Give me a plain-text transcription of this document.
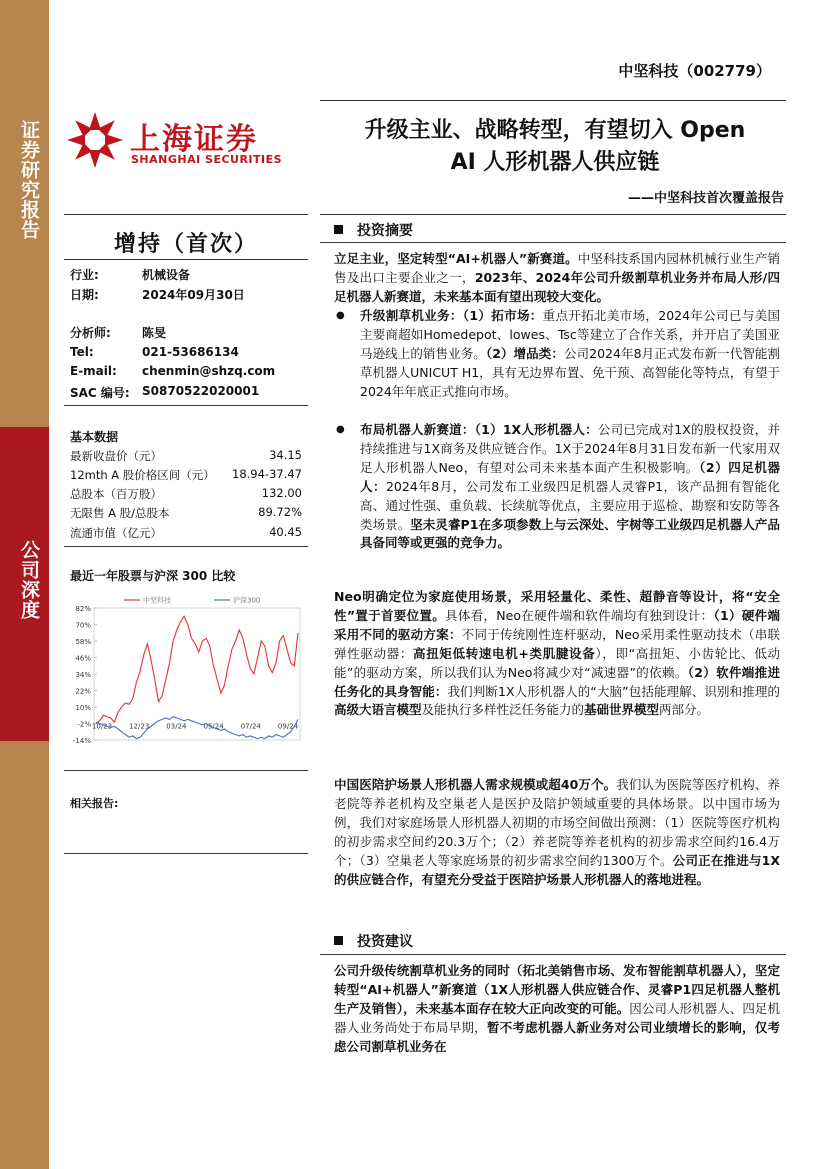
证券研究报告
公司深度
中坚科技（002779）
上海证券
SHANGHAI SECURITIES
升级主业、战略转型，有望切入 Open
AI 人形机器人供应链
——中坚科技首次覆盖报告
增持（首次）
行业:	机械设备
日期:	2024年09月30日
分析师:	陈旻
Tel:	021-53686134
E-mail: chenmin@shzq.com
SAC 编号: S0870522020001
基本数据
最新收盘价（元）	34.15
12mth A 股价格区间（元） 18.94-37.47
总股本（百万股）	132.00
无限售 A 股/总股本	89.72%
流通市值（亿元）	40.45
最近一年股票与沪深 300 比较
82%
70%
58%
46%
34%
22%
10%
-2%
-14%
10/23 12/23 03/24 05/24 07/24 09/24
中坚科技	沪深300
相关报告:
投资摘要
立足主业，坚定转型“AI+机器人”新赛道。中坚科技系国内园林机械行业生产销售及出口主要企业之一，2023年、2024年公司升级割草机业务并布局人形/四足机器人新赛道，未来基本面有望出现较大变化。
● 升级割草机业务：（1）拓市场：重点开拓北美市场，2024年公司已与美国主要商超如Homedepot、lowes、Tsc等建立了合作关系，并开启了美国亚马逊线上的销售业务。（2）增品类：公司2024年8月正式发布新一代智能割草机器人UNICUT H1，具有无边界布置、免干预、高智能化等特点，有望于2024年年底正式推向市场。
● 布局机器人新赛道：（1）1X人形机器人：公司已完成对1X的股权投资，并持续推进与1X商务及供应链合作。1X于2024年8月31日发布新一代家用双足人形机器人Neo，有望对公司未来基本面产生积极影响。（2）四足机器人：2024年8月，公司发布工业级四足机器人灵睿P1，该产品拥有智能化高、通过性强、重负载、长续航等优点，主要应用于巡检、勘察和安防等各类场景。坚未灵睿P1在多项参数上与云深处、宇树等工业级四足机器人产品具备同等或更强的竞争力。
Neo明确定位为家庭使用场景，采用轻量化、柔性、超静音等设计，将“安全性”置于首要位置。具体看，Neo在硬件端和软件端均有独到设计：（1）硬件端采用不同的驱动方案：不同于传统刚性连杆驱动，Neo采用柔性驱动技术（串联弹性驱动器：高扭矩低转速电机+类肌腱设备），即“高扭矩、小齿轮比、低动能”的驱动方案，所以我们认为Neo将减少对“减速器”的依赖。（2）软件端推进任务化的具身智能：我们判断1X人形机器人的“大脑”包括能理解、识别和推理的高级大语言模型及能执行多样性泛任务能力的基础世界模型两部分。
中国医陪护场景人形机器人需求规模或超40万个。我们认为医院等医疗机构、养老院等养老机构及空巢老人是医护及陪护领域重要的具体场景。以中国市场为例，我们对家庭场景人形机器人初期的市场空间做出预测：（1）医院等医疗机构的初步需求空间约20.3万个；（2）养老院等养老机构的初步需求空间约16.4万个；（3）空巢老人等家庭场景的初步需求空间约1300万个。公司正在推进与1X的供应链合作，有望充分受益于医陪护场景人形机器人的落地进程。
投资建议
公司升级传统割草机业务的同时（拓北美销售市场、发布智能割草机器人），坚定转型“AI+机器人”新赛道（1X人形机器人供应链合作、灵睿P1四足机器人整机生产及销售），未来基本面存在较大正向改变的可能。因公司人形机器人、四足机器人业务尚处于布局早期，暂不考虑机器人新业务对公司业绩增长的影响，仅考虑公司割草机业务在
